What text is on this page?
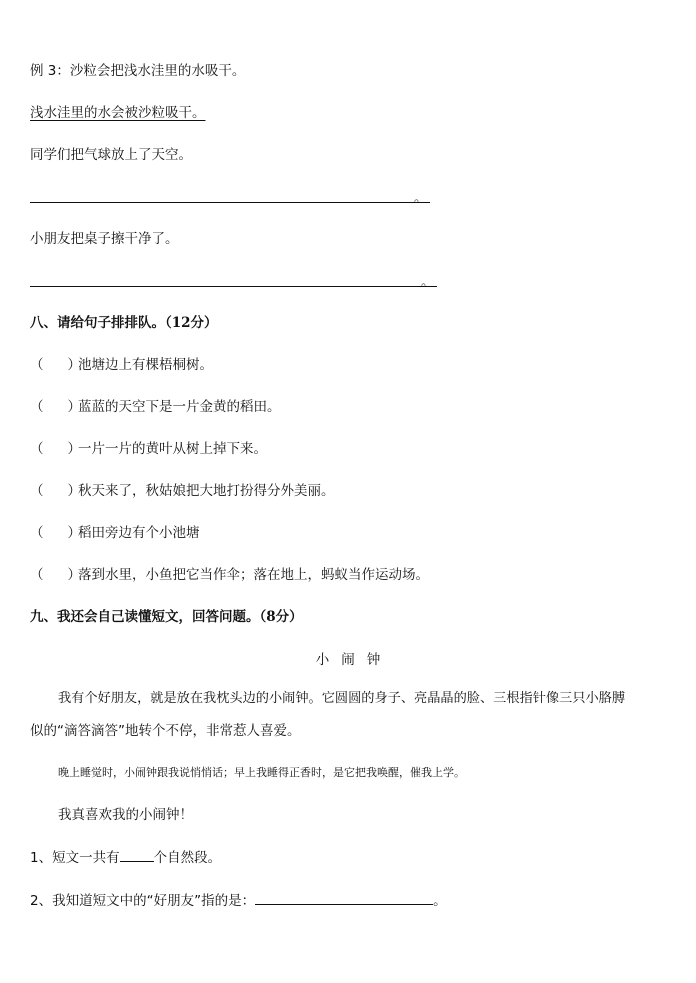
例 3：沙粒会把浅水洼里的水吸干。
浅水洼里的水会被沙粒吸干。
同学们把气球放上了天空。
。
小朋友把桌子擦干净了。
。
八、请给句子排排队。（12分）
（ ）池塘边上有棵梧桐树。
（ ）蓝蓝的天空下是一片金黄的稻田。
（ ）一片一片的黄叶从树上掉下来。
（ ）秋天来了，秋姑娘把大地打扮得分外美丽。
（ ）稻田旁边有个小池塘
（ ）落到水里，小鱼把它当作伞；落在地上，蚂蚁当作运动场。
九、我还会自己读懂短文，回答问题。（8分）
小闹钟
我有个好朋友，就是放在我枕头边的小闹钟。它圆圆的身子、亮晶晶的脸、三根指针像三只小胳膊
似的“滴答滴答”地转个不停，非常惹人喜爱。
晚上睡觉时，小闹钟跟我说悄悄话；早上我睡得正香时，是它把我唤醒，催我上学。
我真喜欢我的小闹钟！
1、短文一共有	个自然段。
2、我知道短文中的“好朋友”指的是：	。
